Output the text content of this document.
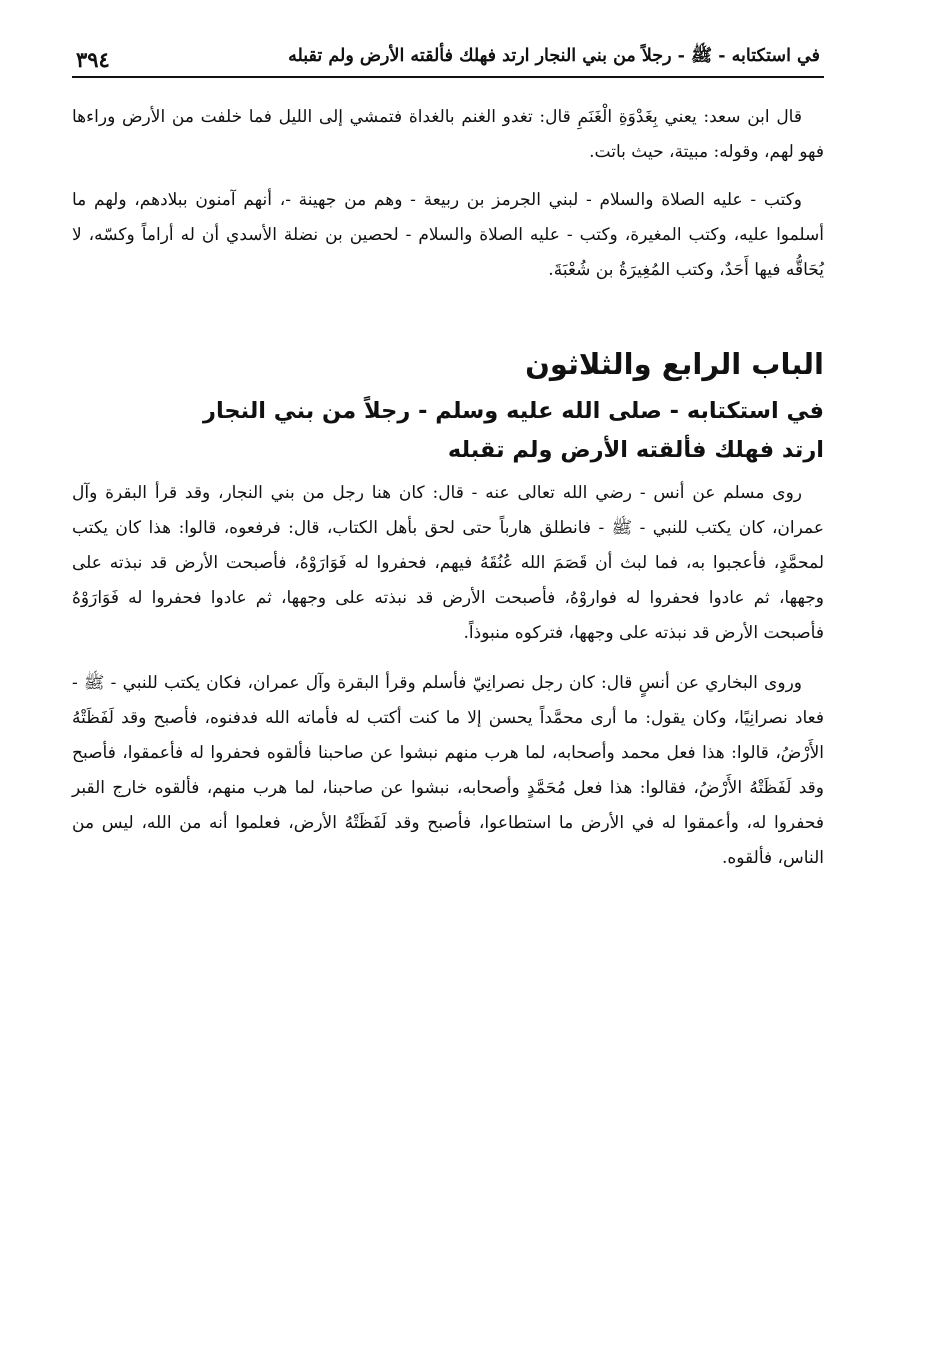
في استكتابه - ﷺ - رجلاً من بني النجار ارتد فهلك فألقته الأرض ولم تقبله
٣٩٤

قال ابن سعد: يعني بِغَدْوَةِ الْغَنَمِ قال: تغدو الغنم بالغداة فتمشي إلى الليل فما خلفت من الأرض وراءها فهو لهم، وقوله: مبيتة، حيث باتت.

وكتب - عليه الصلاة والسلام - لبني الجرمز بن ربيعة - وهم من جهينة -، أنهم آمنون ببلادهم، ولهم ما أسلموا عليه، وكتب المغيرة، وكتب - عليه الصلاة والسلام - لحصين بن نضلة الأسدي أن له أراماً وكسّه، لا يُحَاقُّه فيها أَحَدٌ، وكتب المُغِيرَةُ بن شُعْبَةَ.

الباب الرابع والثلاثون
في استكتابه - صلى الله عليه وسلم - رجلاً من بني النجار
ارتد فهلك فألقته الأرض ولم تقبله

روى مسلم عن أنس - رضي الله تعالى عنه - قال: كان هنا رجل من بني النجار، وقد قرأ البقرة وآل عمران، كان يكتب للنبي - ﷺ - فانطلق هارباً حتى لحق بأهل الكتاب، قال: فرفعوه، قالوا: هذا كان يكتب لمحمَّدٍ، فأعجبوا به، فما لبث أن قَصَمَ الله عُنُقَهُ فيهم، فحفروا له فَوَارَوْهُ، فأصبحت الأرض قد نبذته على وجهها، ثم عادوا فحفروا له فواروْهُ، فأصبحت الأرض قد نبذته على وجهها، ثم عادوا فحفروا له فَوَارَوْهُ فأصبحت الأرض قد نبذته على وجهها، فتركوه منبوذاً.

وروى البخاري عن أنسٍ قال: كان رجل نصرانِيّ فأسلم وقرأ البقرة وآل عمران، فكان يكتب للنبي - ﷺ - فعاد نصرانِيًا، وكان يقول: ما أرى محمَّداً يحسن إلا ما كنت أكتب له فأماته الله فدفنوه، فأصبح وقد لَفَظَتْهُ الأَرْضُ، قالوا: هذا فعل محمد وأصحابه، لما هرب منهم نبشوا عن صاحبنا فألقوه فحفروا له فأعمقوا، فأصبح وقد لَفَظَتْهُ الأَرْضُ، فقالوا: هذا فعل مُحَمَّدٍ وأصحابه، نبشوا عن صاحبنا، لما هرب منهم، فألقوه خارج القبر فحفروا له، وأعمقوا له في الأرض ما استطاعوا، فأصبح وقد لَفَظَتْهُ الأرض، فعلموا أنه من الله، ليس من الناس، فألقوه.
